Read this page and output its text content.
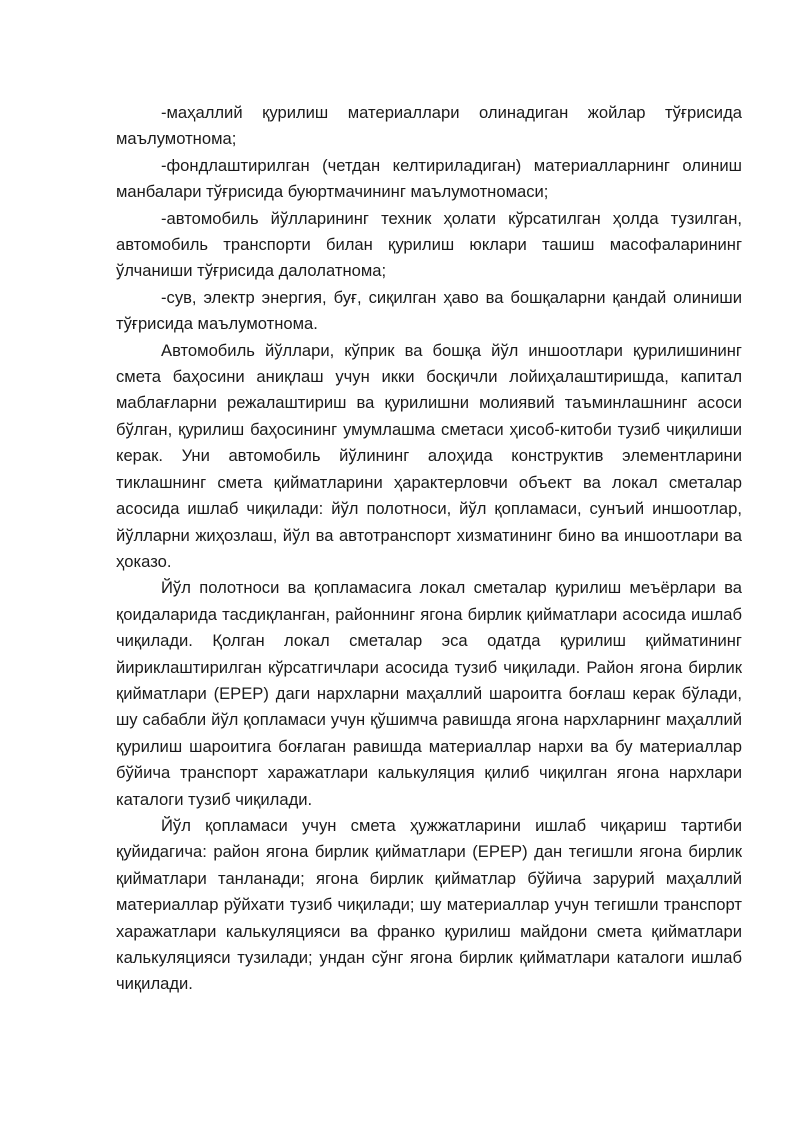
-маҳаллий қурилиш материаллари олинадиган жойлар тўғрисида маълумотнома;

-фондлаштирилган (четдан келтириладиган) материалларнинг олиниш манбалари тўғрисида буюртмачининг маълумотномаси;

-автомобиль йўлларининг техник ҳолати кўрсатилган ҳолда тузилган, автомобиль транспорти билан қурилиш юклари ташиш масофаларининг ўлчаниши тўғрисида далолатнома;

-сув, электр энергия, буғ, сиқилган ҳаво ва бошқаларни қандай олиниши тўғрисида маълумотнома.

Автомобиль йўллари, кўприк ва бошқа йўл иншоотлари қурилишининг смета баҳосини аниқлаш учун икки босқичли лойиҳалаштиришда, капитал маблағларни режалаштириш ва қурилишни молиявий таъминлашнинг асоси бўлган, қурилиш баҳосининг умумлашма сметаси ҳисоб-китоби тузиб чиқилиши керак. Уни автомобиль йўлининг алоҳида конструктив элементларини тиклашнинг смета қийматларини ҳарактерловчи объект ва локал сметалар асосида ишлаб чиқилади: йўл полотноси, йўл қопламаси, сунъий иншоотлар, йўлларни жиҳозлаш, йўл ва автотранспорт хизматининг бино ва иншоотлари ва ҳоказо.

Йўл полотноси ва қопламасига локал сметалар қурилиш меъёрлари ва қоидаларида тасдиқланган, районнинг ягона бирлик қийматлари асосида ишлаб чиқилади. Қолган локал сметалар эса одатда қурилиш қийматининг йириклаштирилган кўрсатгичлари асосида тузиб чиқилади. Район ягона бирлик қийматлари (ЕРЕР) даги нархларни маҳаллий шароитга боғлаш керак бўлади, шу сабабли йўл қопламаси учун қўшимча равишда ягона нархларнинг маҳаллий қурилиш шароитига боғлаган равишда материаллар нархи ва бу материаллар бўйича транспорт харажатлари калькуляция қилиб чиқилган ягона нархлари каталоги тузиб чиқилади.

Йўл қопламаси учун смета ҳужжатларини ишлаб чиқариш тартиби қуйидагича: район ягона бирлик қийматлари (ЕРЕР) дан тегишли ягона бирлик қийматлари танланади; ягона бирлик қийматлар бўйича зарурий маҳаллий материаллар рўйхати тузиб чиқилади; шу материаллар учун тегишли транспорт харажатлари калькуляцияси ва франко қурилиш майдони смета қийматлари калькуляцияси тузилади; ундан сўнг ягона бирлик қийматлари каталоги ишлаб чиқилади.
